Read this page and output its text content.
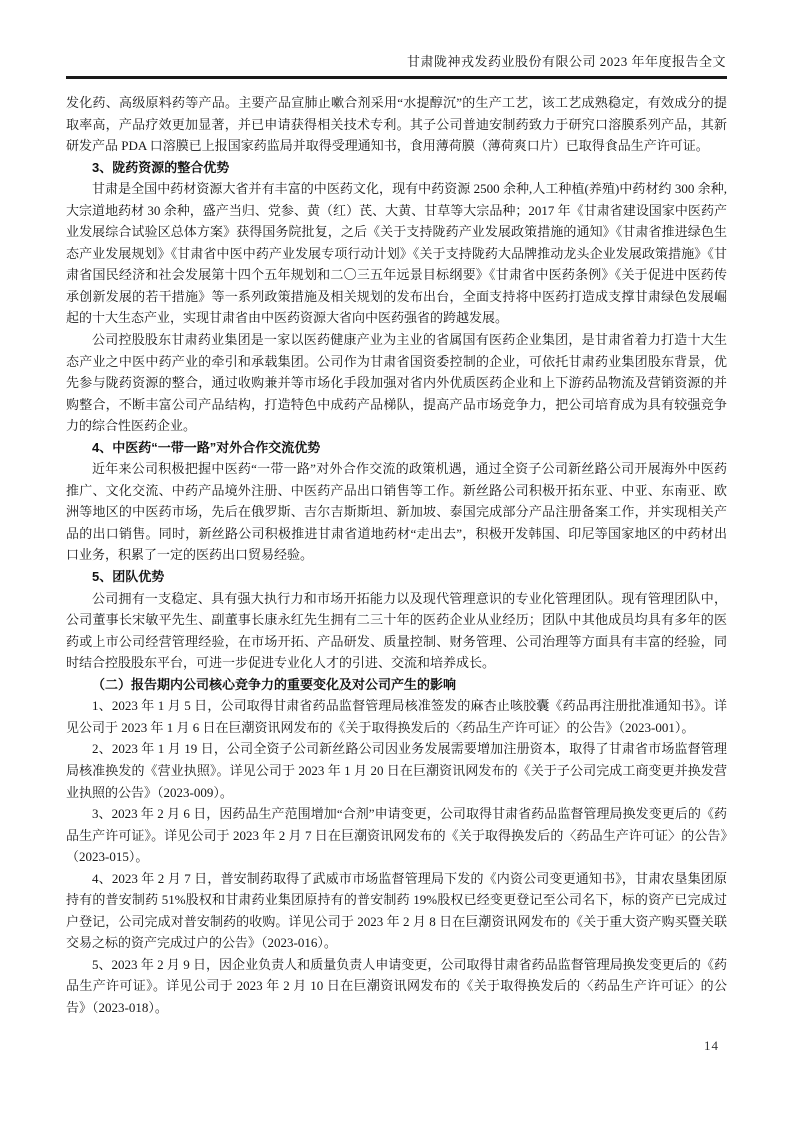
甘肃陇神戎发药业股份有限公司 2023 年年度报告全文

发化药、高级原料药等产品。主要产品宣肺止嗽合剂采用“水提醇沉”的生产工艺，该工艺成熟稳定，有效成分的提取率高，产品疗效更加显著，并已申请获得相关技术专利。其子公司普迪安制药致力于研究口溶膜系列产品，其新研发产品 PDA 口溶膜已上报国家药监局并取得受理通知书，食用薄荷膜（薄荷爽口片）已取得食品生产许可证。

3、陇药资源的整合优势

甘肃是全国中药材资源大省并有丰富的中医药文化，现有中药资源 2500 余种,人工种植(养殖)中药材约 300 余种,大宗道地药材 30 余种，盛产当归、党参、黄（红）芪、大黄、甘草等大宗品种；2017 年《甘肃省建设国家中医药产业发展综合试验区总体方案》获得国务院批复，之后《关于支持陇药产业发展政策措施的通知》《甘肃省推进绿色生态产业发展规划》《甘肃省中医中药产业发展专项行动计划》《关于支持陇药大品牌推动龙头企业发展政策措施》《甘肃省国民经济和社会发展第十四个五年规划和二〇三五年远景目标纲要》《甘肃省中医药条例》《关于促进中医药传承创新发展的若干措施》等一系列政策措施及相关规划的发布出台，全面支持将中医药打造成支撑甘肃绿色发展崛起的十大生态产业，实现甘肃省由中医药资源大省向中医药强省的跨越发展。

公司控股股东甘肃药业集团是一家以医药健康产业为主业的省属国有医药企业集团，是甘肃省着力打造十大生态产业之中医中药产业的牵引和承载集团。公司作为甘肃省国资委控制的企业，可依托甘肃药业集团股东背景，优先参与陇药资源的整合，通过收购兼并等市场化手段加强对省内外优质医药企业和上下游药品物流及营销资源的并购整合，不断丰富公司产品结构，打造特色中成药产品梯队，提高产品市场竞争力，把公司培育成为具有较强竞争力的综合性医药企业。

4、中医药“一带一路”对外合作交流优势

近年来公司积极把握中医药“一带一路”对外合作交流的政策机遇，通过全资子公司新丝路公司开展海外中医药推广、文化交流、中药产品境外注册、中医药产品出口销售等工作。新丝路公司积极开拓东亚、中亚、东南亚、欧洲等地区的中医药市场，先后在俄罗斯、吉尔吉斯斯坦、新加坡、泰国完成部分产品注册备案工作，并实现相关产品的出口销售。同时，新丝路公司积极推进甘肃省道地药材“走出去”，积极开发韩国、印尼等国家地区的中药材出口业务，积累了一定的医药出口贸易经验。

5、团队优势

公司拥有一支稳定、具有强大执行力和市场开拓能力以及现代管理意识的专业化管理团队。现有管理团队中，公司董事长宋敏平先生、副董事长康永红先生拥有二三十年的医药企业从业经历；团队中其他成员均具有多年的医药或上市公司经营管理经验，在市场开拓、产品研发、质量控制、财务管理、公司治理等方面具有丰富的经验，同时结合控股股东平台，可进一步促进专业化人才的引进、交流和培养成长。

（二）报告期内公司核心竞争力的重要变化及对公司产生的影响

1、2023 年 1 月 5 日，公司取得甘肃省药品监督管理局核准签发的麻杏止咳胶囊《药品再注册批准通知书》。详见公司于 2023 年 1 月 6 日在巨潮资讯网发布的《关于取得换发后的〈药品生产许可证〉的公告》（2023-001）。

2、2023 年 1 月 19 日，公司全资子公司新丝路公司因业务发展需要增加注册资本，取得了甘肃省市场监督管理局核准换发的《营业执照》。详见公司于 2023 年 1 月 20 日在巨潮资讯网发布的《关于子公司完成工商变更并换发营业执照的公告》（2023-009）。

3、2023 年 2 月 6 日，因药品生产范围增加“合剂”申请变更，公司取得甘肃省药品监督管理局换发变更后的《药品生产许可证》。详见公司于 2023 年 2 月 7 日在巨潮资讯网发布的《关于取得换发后的〈药品生产许可证〉的公告》（2023-015）。

4、2023 年 2 月 7 日，普安制药取得了武威市市场监督管理局下发的《内资公司变更通知书》，甘肃农垦集团原持有的普安制药 51%股权和甘肃药业集团原持有的普安制药 19%股权已经变更登记至公司名下，标的资产已完成过户登记，公司完成对普安制药的收购。详见公司于 2023 年 2 月 8 日在巨潮资讯网发布的《关于重大资产购买暨关联交易之标的资产完成过户的公告》（2023-016）。

5、2023 年 2 月 9 日，因企业负责人和质量负责人申请变更，公司取得甘肃省药品监督管理局换发变更后的《药品生产许可证》。详见公司于 2023 年 2 月 10 日在巨潮资讯网发布的《关于取得换发后的〈药品生产许可证〉的公告》（2023-018）。

14
